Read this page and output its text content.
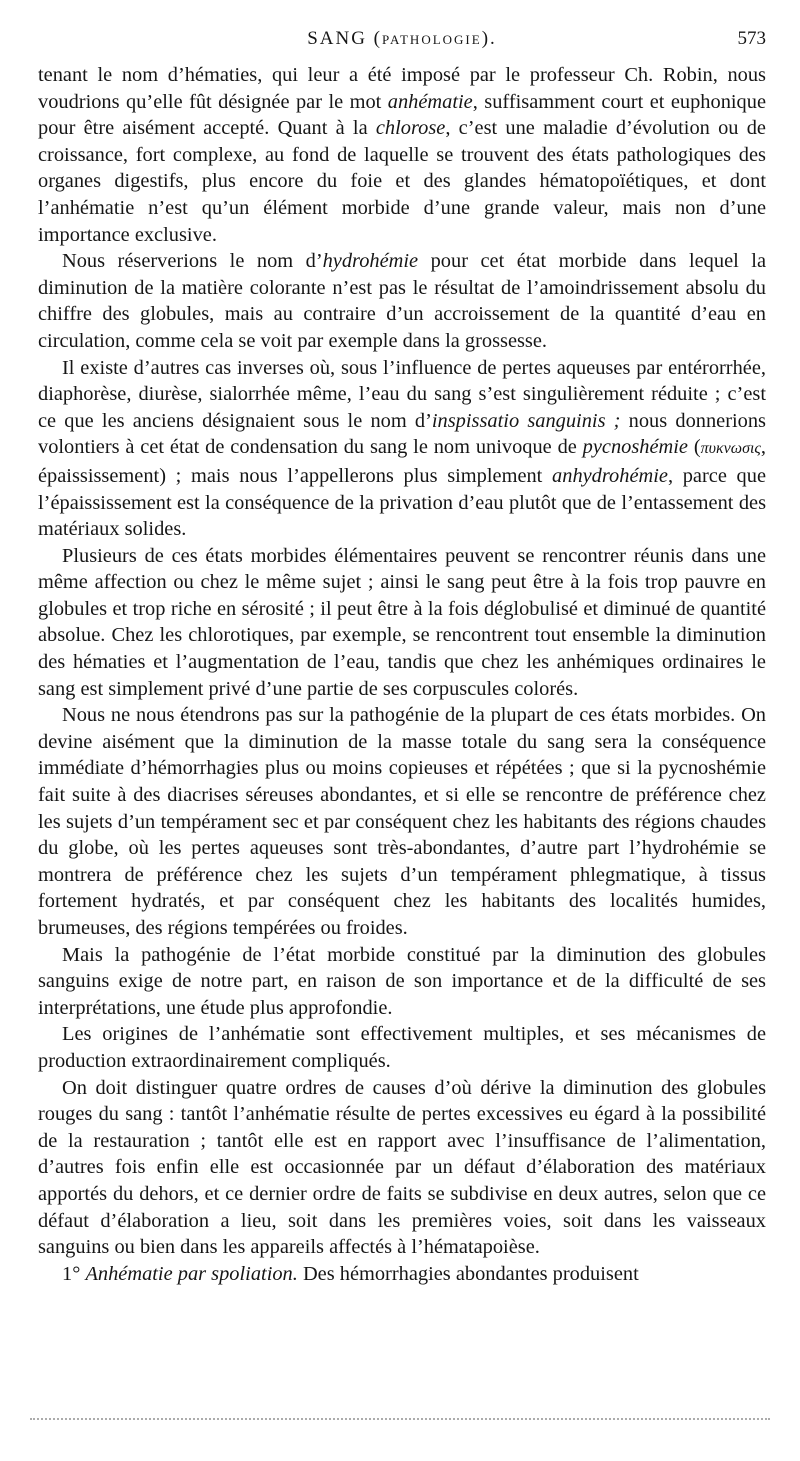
SANG (pathologie).	573

tenant le nom d’hématies, qui leur a été imposé par le professeur Ch. Robin, nous voudrions qu’elle fût désignée par le mot anhématie, suffisamment court et euphonique pour être aisément accepté. Quant à la chlorose, c’est une maladie d’évolution ou de croissance, fort complexe, au fond de laquelle se trouvent des états pathologiques des organes digestifs, plus encore du foie et des glandes hématopoïétiques, et dont l’anhématie n’est qu’un élément morbide d’une grande valeur, mais non d’une importance exclusive.

Nous réserverions le nom d’hydrohémie pour cet état morbide dans lequel la diminution de la matière colorante n’est pas le résultat de l’amoindrissement absolu du chiffre des globules, mais au contraire d’un accroissement de la quantité d’eau en circulation, comme cela se voit par exemple dans la grossesse.

Il existe d’autres cas inverses où, sous l’influence de pertes aqueuses par entérorrhée, diaphorèse, diurèse, sialorrhée même, l’eau du sang s’est singulièrement réduite ; c’est ce que les anciens désignaient sous le nom d’inspissatio sanguinis ; nous donnerions volontiers à cet état de condensation du sang le nom univoque de pycnoshémie (πυκνωσις, épaississement) ; mais nous l’appellerons plus simplement anhydrohémie, parce que l’épaississement est la conséquence de la privation d’eau plutôt que de l’entassement des matériaux solides.

Plusieurs de ces états morbides élémentaires peuvent se rencontrer réunis dans une même affection ou chez le même sujet ; ainsi le sang peut être à la fois trop pauvre en globules et trop riche en sérosité ; il peut être à la fois déglobulisé et diminué de quantité absolue. Chez les chlorotiques, par exemple, se rencontrent tout ensemble la diminution des hématies et l’augmentation de l’eau, tandis que chez les anhémiques ordinaires le sang est simplement privé d’une partie de ses corpuscules colorés.

Nous ne nous étendrons pas sur la pathogénie de la plupart de ces états morbides. On devine aisément que la diminution de la masse totale du sang sera la conséquence immédiate d’hémorrhagies plus ou moins copieuses et répétées ; que si la pycnoshémie fait suite à des diacrises séreuses abondantes, et si elle se rencontre de préférence chez les sujets d’un tempérament sec et par conséquent chez les habitants des régions chaudes du globe, où les pertes aqueuses sont très-abondantes, d’autre part l’hydrohémie se montrera de préférence chez les sujets d’un tempérament phlegmatique, à tissus fortement hydratés, et par conséquent chez les habitants des localités humides, brumeuses, des régions tempérées ou froides.

Mais la pathogénie de l’état morbide constitué par la diminution des globules sanguins exige de notre part, en raison de son importance et de la difficulté de ses interprétations, une étude plus approfondie.

Les origines de l’anhématie sont effectivement multiples, et ses mécanismes de production extraordinairement compliqués.

On doit distinguer quatre ordres de causes d’où dérive la diminution des globules rouges du sang : tantôt l’anhématie résulte de pertes excessives eu égard à la possibilité de la restauration ; tantôt elle est en rapport avec l’insuffisance de l’alimentation, d’autres fois enfin elle est occasionnée par un défaut d’élaboration des matériaux apportés du dehors, et ce dernier ordre de faits se subdivise en deux autres, selon que ce défaut d’élaboration a lieu, soit dans les premières voies, soit dans les vaisseaux sanguins ou bien dans les appareils affectés à l’hématapoièse.

1° Anhématie par spoliation. Des hémorrhagies abondantes produisent
